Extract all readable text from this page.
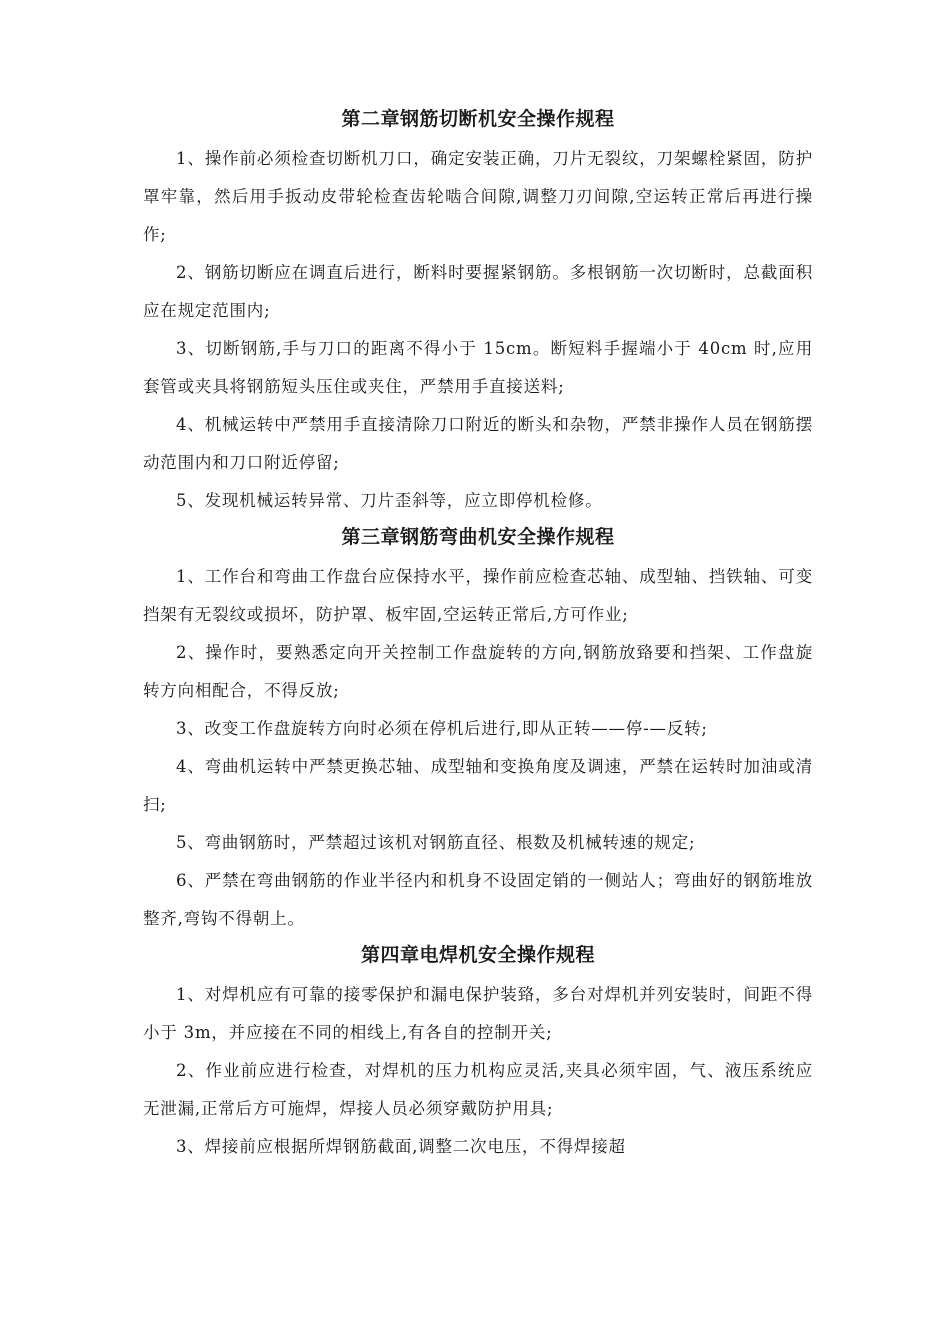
第二章钢筋切断机安全操作规程

1、操作前必须检查切断机刀口，确定安装正确，刀片无裂纹，刀架螺栓紧固，防护罩牢靠，然后用手扳动皮带轮检查齿轮啮合间隙,调整刀刃间隙,空运转正常后再进行操作;

2、钢筋切断应在调直后进行，断料时要握紧钢筋。多根钢筋一次切断时，总截面积应在规定范围内;

3、切断钢筋,手与刀口的距离不得小于 15cm。断短料手握端小于 40cm 时,应用套管或夹具将钢筋短头压住或夹住，严禁用手直接送料;

4、机械运转中严禁用手直接清除刀口附近的断头和杂物，严禁非操作人员在钢筋摆动范围内和刀口附近停留;

5、发现机械运转异常、刀片歪斜等，应立即停机检修。

第三章钢筋弯曲机安全操作规程

1、工作台和弯曲工作盘台应保持水平，操作前应检查芯轴、成型轴、挡铁轴、可变挡架有无裂纹或损坏，防护罩、板牢固,空运转正常后,方可作业;

2、操作时，要熟悉定向开关控制工作盘旋转的方向,钢筋放臵要和挡架、工作盘旋转方向相配合，不得反放;

3、改变工作盘旋转方向时必须在停机后进行,即从正转——停-—反转;

4、弯曲机运转中严禁更换芯轴、成型轴和变换角度及调速，严禁在运转时加油或清扫;

5、弯曲钢筋时，严禁超过该机对钢筋直径、根数及机械转速的规定;

6、严禁在弯曲钢筋的作业半径内和机身不设固定销的一侧站人；弯曲好的钢筋堆放整齐,弯钩不得朝上。

第四章电焊机安全操作规程

1、对焊机应有可靠的接零保护和漏电保护装臵，多台对焊机并列安装时，间距不得小于 3m，并应接在不同的相线上,有各自的控制开关;

2、作业前应进行检查，对焊机的压力机构应灵活,夹具必须牢固，气、液压系统应无泄漏,正常后方可施焊，焊接人员必须穿戴防护用具;

3、焊接前应根据所焊钢筋截面,调整二次电压，不得焊接超
